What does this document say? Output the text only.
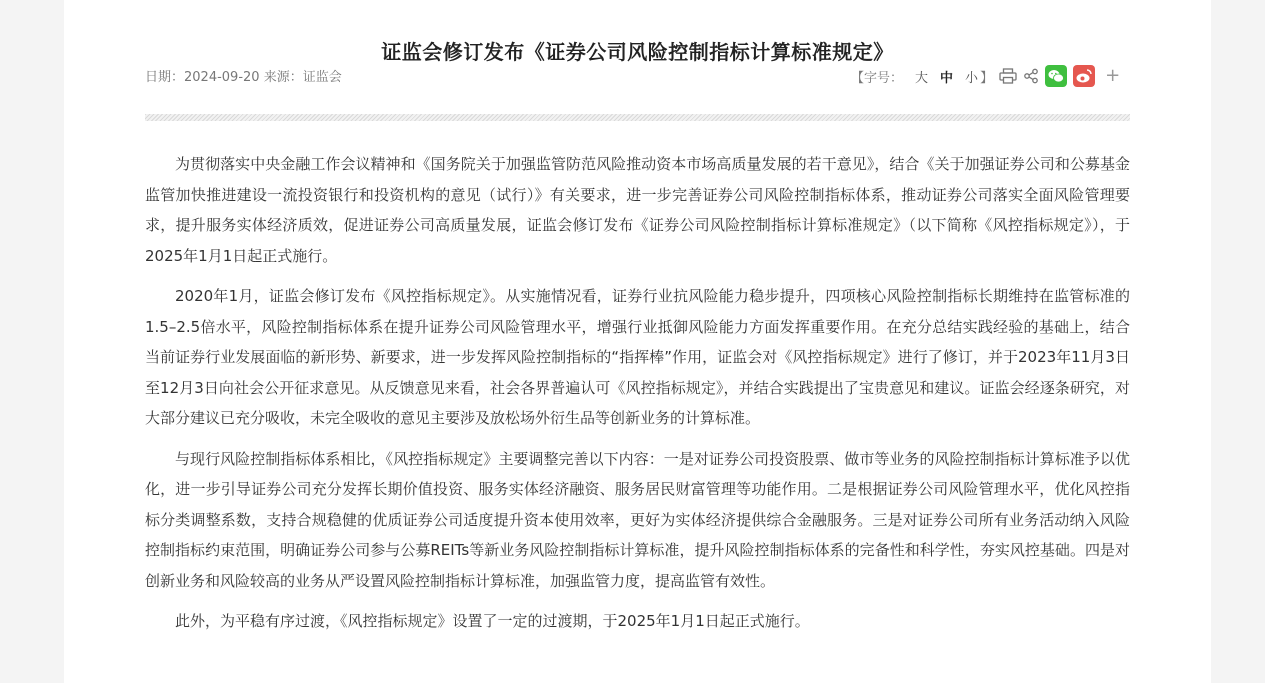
证监会修订发布《证券公司风险控制指标计算标准规定》
日期：2024-09-20 来源：证监会	【字号： 大 中 小 】	+

为贯彻落实中央金融工作会议精神和《国务院关于加强监管防范风险推动资本市场高质量发展的若干意见》，结合《关于加强证券公司和公募基金监管加快推进建设一流投资银行和投资机构的意见（试行）》有关要求，进一步完善证券公司风险控制指标体系，推动证券公司落实全面风险管理要求，提升服务实体经济质效，促进证券公司高质量发展，证监会修订发布《证券公司风险控制指标计算标准规定》（以下简称《风控指标规定》），于2025年1月1日起正式施行。

2020年1月，证监会修订发布《风控指标规定》。从实施情况看，证券行业抗风险能力稳步提升，四项核心风险控制指标长期维持在监管标准的1.5–2.5倍水平，风险控制指标体系在提升证券公司风险管理水平，增强行业抵御风险能力方面发挥重要作用。在充分总结实践经验的基础上，结合当前证券行业发展面临的新形势、新要求，进一步发挥风险控制指标的“指挥棒”作用，证监会对《风控指标规定》进行了修订，并于2023年11月3日至12月3日向社会公开征求意见。从反馈意见来看，社会各界普遍认可《风控指标规定》，并结合实践提出了宝贵意见和建议。证监会经逐条研究，对大部分建议已充分吸收，未完全吸收的意见主要涉及放松场外衍生品等创新业务的计算标准。

与现行风险控制指标体系相比，《风控指标规定》主要调整完善以下内容：一是对证券公司投资股票、做市等业务的风险控制指标计算标准予以优化，进一步引导证券公司充分发挥长期价值投资、服务实体经济融资、服务居民财富管理等功能作用。二是根据证券公司风险管理水平，优化风控指标分类调整系数，支持合规稳健的优质证券公司适度提升资本使用效率，更好为实体经济提供综合金融服务。三是对证券公司所有业务活动纳入风险控制指标约束范围，明确证券公司参与公募REITs等新业务风险控制指标计算标准，提升风险控制指标体系的完备性和科学性，夯实风控基础。四是对创新业务和风险较高的业务从严设置风险控制指标计算标准，加强监管力度，提高监管有效性。

此外，为平稳有序过渡，《风控指标规定》设置了一定的过渡期，于2025年1月1日起正式施行。
